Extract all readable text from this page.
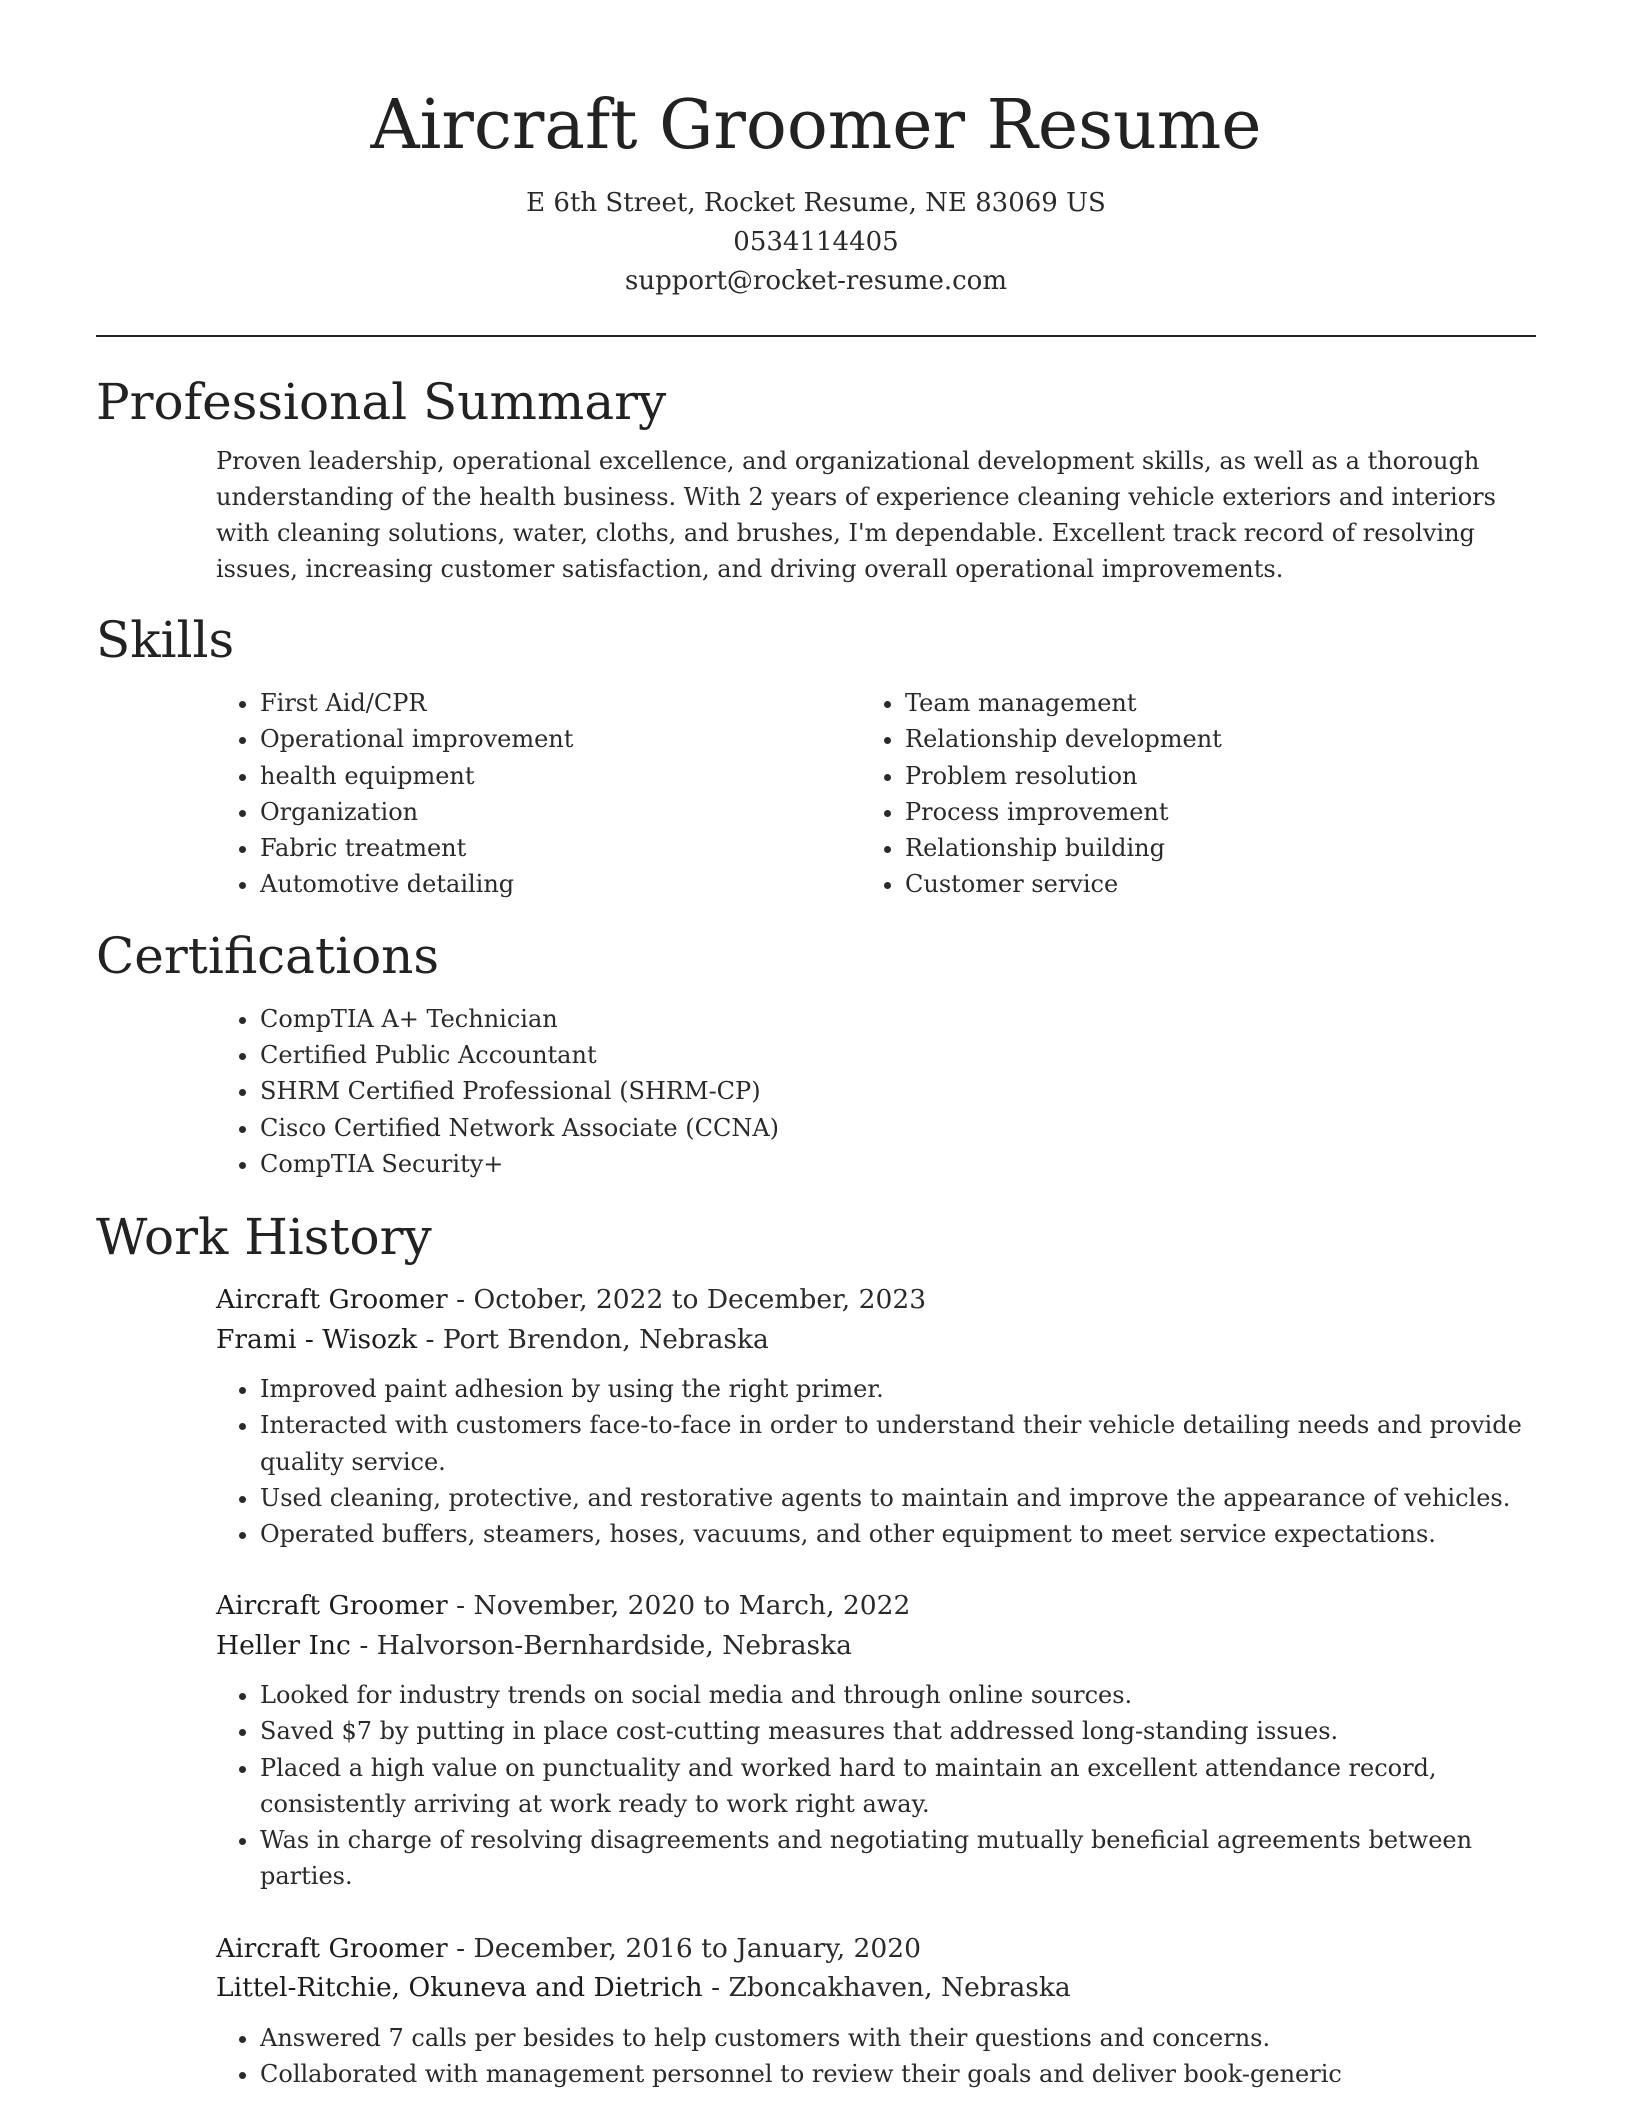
Aircraft Groomer Resume
E 6th Street, Rocket Resume, NE 83069 US
0534114405
support@rocket-resume.com
Professional Summary
Proven leadership, operational excellence, and organizational development skills, as well as a thorough understanding of the health business. With 2 years of experience cleaning vehicle exteriors and interiors with cleaning solutions, water, cloths, and brushes, I'm dependable. Excellent track record of resolving issues, increasing customer satisfaction, and driving overall operational improvements.
Skills
• First Aid/CPR
• Operational improvement
• health equipment
• Organization
• Fabric treatment
• Automotive detailing
• Team management
• Relationship development
• Problem resolution
• Process improvement
• Relationship building
• Customer service
Certifications
• CompTIA A+ Technician
• Certified Public Accountant
• SHRM Certified Professional (SHRM-CP)
• Cisco Certified Network Associate (CCNA)
• CompTIA Security+
Work History
Aircraft Groomer - October, 2022 to December, 2023
Frami - Wisozk - Port Brendon, Nebraska
• Improved paint adhesion by using the right primer.
• Interacted with customers face-to-face in order to understand their vehicle detailing needs and provide quality service.
• Used cleaning, protective, and restorative agents to maintain and improve the appearance of vehicles.
• Operated buffers, steamers, hoses, vacuums, and other equipment to meet service expectations.
Aircraft Groomer - November, 2020 to March, 2022
Heller Inc - Halvorson-Bernhardside, Nebraska
• Looked for industry trends on social media and through online sources.
• Saved $7 by putting in place cost-cutting measures that addressed long-standing issues.
• Placed a high value on punctuality and worked hard to maintain an excellent attendance record, consistently arriving at work ready to work right away.
• Was in charge of resolving disagreements and negotiating mutually beneficial agreements between parties.
Aircraft Groomer - December, 2016 to January, 2020
Littel-Ritchie, Okuneva and Dietrich - Zboncakhaven, Nebraska
• Answered 7 calls per besides to help customers with their questions and concerns.
• Collaborated with management personnel to review their goals and deliver book-generic
